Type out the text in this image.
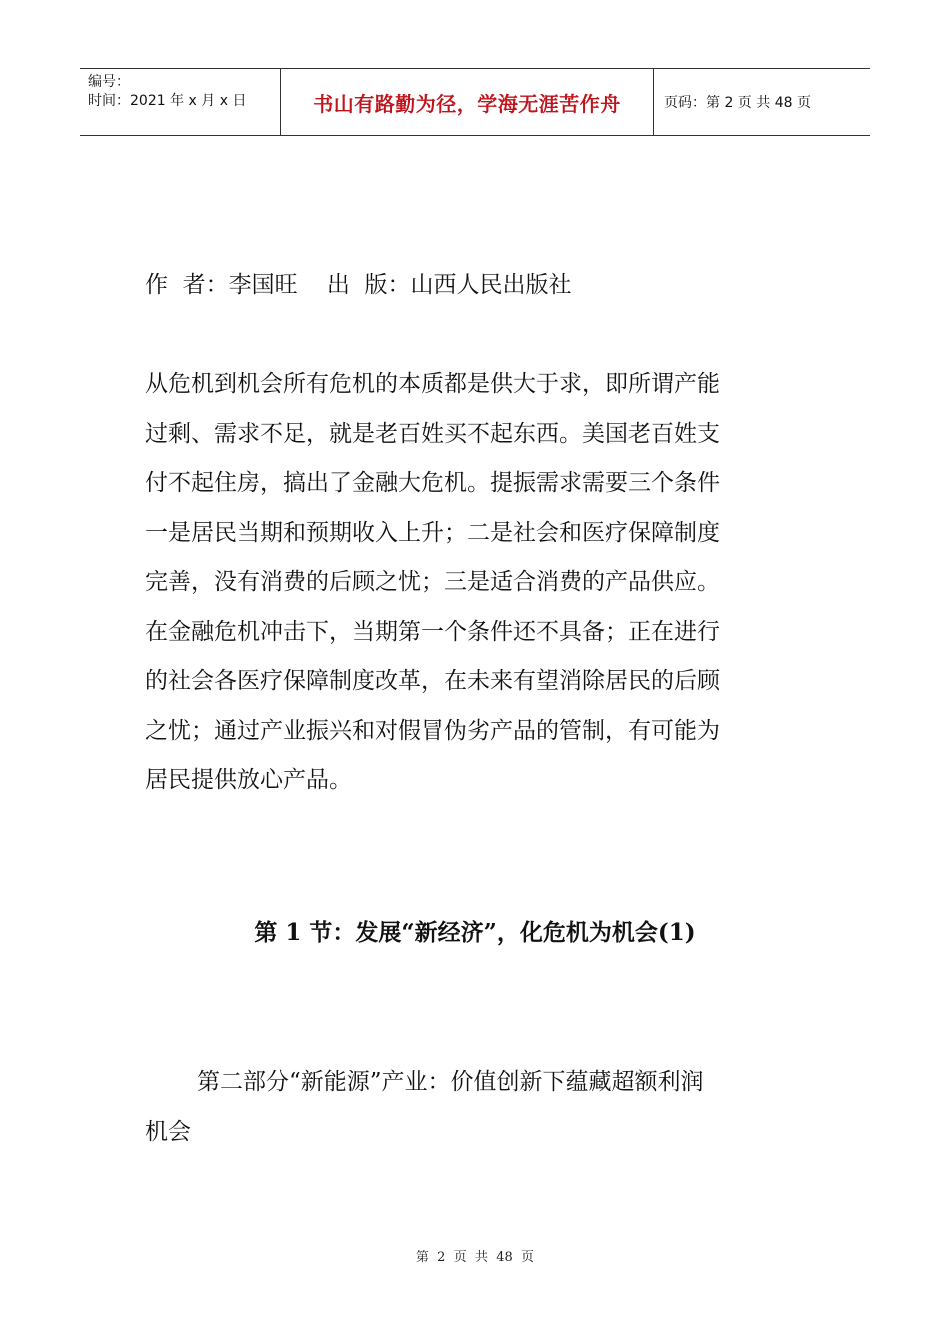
编号：
时间：2021 年 x 月 x 日	书山有路勤为径，学海无涯苦作舟	页码：第 2 页 共 48 页
作  者：李国旺    出  版：山西人民出版社

从危机到机会所有危机的本质都是供大于求，即所谓产能

过剩、需求不足，就是老百姓买不起东西。美国老百姓支

付不起住房，搞出了金融大危机。提振需求需要三个条件

一是居民当期和预期收入上升；二是社会和医疗保障制度

完善，没有消费的后顾之忧；三是适合消费的产品供应。

在金融危机冲击下，当期第一个条件还不具备；正在进行

的社会各医疗保障制度改革，在未来有望消除居民的后顾

之忧；通过产业振兴和对假冒伪劣产品的管制，有可能为

居民提供放心产品。

第 1 节：发展“新经济”，化危机为机会(1)

第二部分“新能源”产业：价值创新下蕴藏超额利润

机会

第  2  页  共  48  页
